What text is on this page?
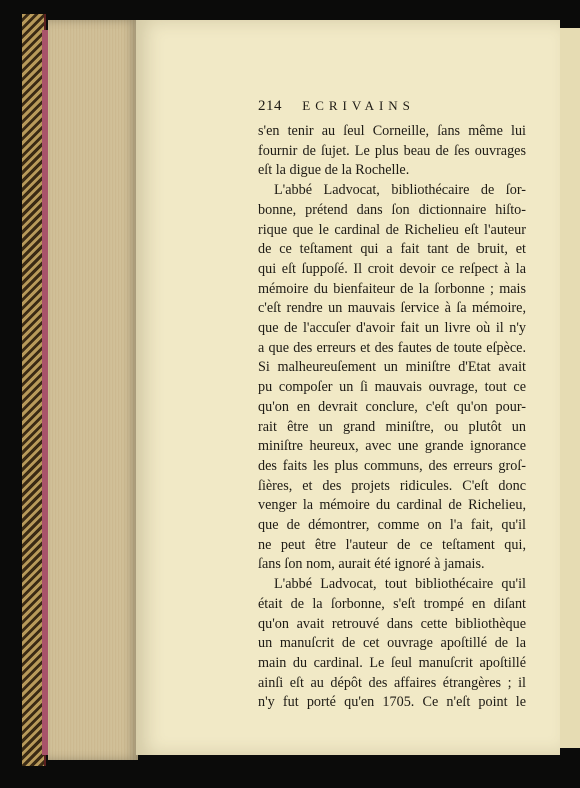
214 ECRIVAINS
s'en tenir au ſeul Corneille, ſans même lui
fournir de ſujet. Le plus beau de ſes ouvrages
eſt la digue de la Rochelle.
L'abbé Ladvocat, bibliothécaire de ſor-
bonne, prétend dans ſon dictionnaire hiſto-
rique que le cardinal de Richelieu eſt l'auteur
de ce teſtament qui a fait tant de bruit, et
qui eſt ſuppoſé. Il croit devoir ce reſpect à la
mémoire du bienfaiteur de la ſorbonne ; mais
c'eſt rendre un mauvais ſervice à ſa mémoire,
que de l'accuſer d'avoir fait un livre où il n'y
a que des erreurs et des fautes de toute eſpèce.
Si malheureuſement un miniſtre d'Etat avait
pu compoſer un ſi mauvais ouvrage, tout ce
qu'on en devrait conclure, c'eſt qu'on pour-
rait être un grand miniſtre, ou plutôt un
miniſtre heureux, avec une grande ignorance
des faits les plus communs, des erreurs groſ-
ſières, et des projets ridicules. C'eſt donc
venger la mémoire du cardinal de Richelieu,
que de démontrer, comme on l'a fait, qu'il
ne peut être l'auteur de ce teſtament qui,
ſans ſon nom, aurait été ignoré à jamais.
L'abbé Ladvocat, tout bibliothécaire qu'il
était de la ſorbonne, s'eſt trompé en diſant
qu'on avait retrouvé dans cette bibliothèque
un manuſcrit de cet ouvrage apoſtillé de la
main du cardinal. Le ſeul manuſcrit apoſtillé
ainſi eſt au dépôt des affaires étrangères ; il
n'y fut porté qu'en 1705. Ce n'eſt point le
